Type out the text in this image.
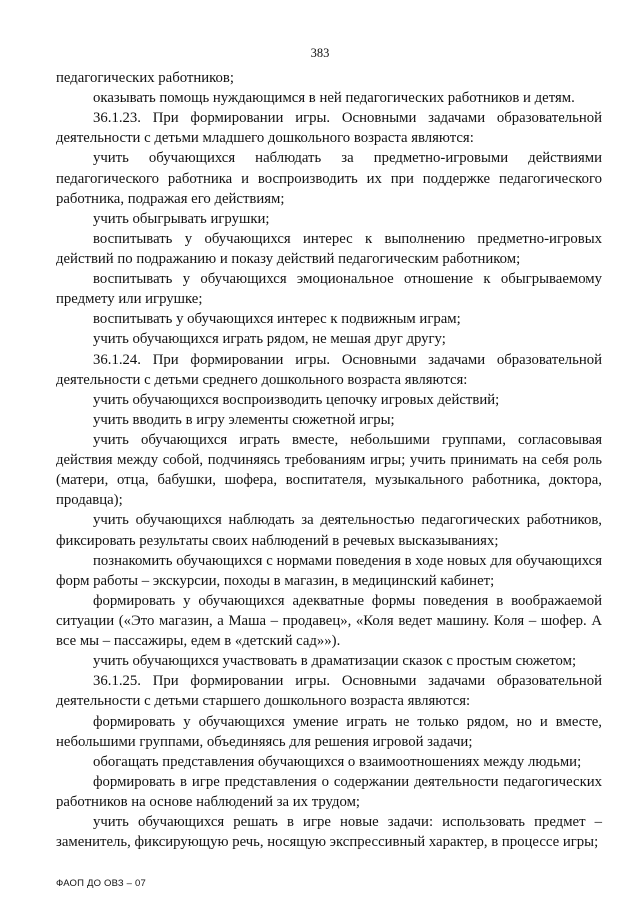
383

педагогических работников;

оказывать помощь нуждающимся в ней педагогических работников и детям.

36.1.23. При формировании игры. Основными задачами образовательной деятельности с детьми младшего дошкольного возраста являются:

учить обучающихся наблюдать за предметно-игровыми действиями педагогического работника и воспроизводить их при поддержке педагогического работника, подражая его действиям;

учить обыгрывать игрушки;

воспитывать у обучающихся интерес к выполнению предметно-игровых действий по подражанию и показу действий педагогическим работником;

воспитывать у обучающихся эмоциональное отношение к обыгрываемому предмету или игрушке;

воспитывать у обучающихся интерес к подвижным играм;

учить обучающихся играть рядом, не мешая друг другу;

36.1.24. При формировании игры. Основными задачами образовательной деятельности с детьми среднего дошкольного возраста являются:

учить обучающихся воспроизводить цепочку игровых действий;

учить вводить в игру элементы сюжетной игры;

учить обучающихся играть вместе, небольшими группами, согласовывая действия между собой, подчиняясь требованиям игры; учить принимать на себя роль (матери, отца, бабушки, шофера, воспитателя, музыкального работника, доктора, продавца);

учить обучающихся наблюдать за деятельностью педагогических работников, фиксировать результаты своих наблюдений в речевых высказываниях;

познакомить обучающихся с нормами поведения в ходе новых для обучающихся форм работы – экскурсии, походы в магазин, в медицинский кабинет;

формировать у обучающихся адекватные формы поведения в воображаемой ситуации («Это магазин, а Маша – продавец», «Коля ведет машину. Коля – шофер. А все мы – пассажиры, едем в «детский сад»»).

учить обучающихся участвовать в драматизации сказок с простым сюжетом;

36.1.25. При формировании игры. Основными задачами образовательной деятельности с детьми старшего дошкольного возраста являются:

формировать у обучающихся умение играть не только рядом, но и вместе, небольшими группами, объединяясь для решения игровой задачи;

обогащать представления обучающихся о взаимоотношениях между людьми;

формировать в игре представления о содержании деятельности педагогических работников на основе наблюдений за их трудом;

учить обучающихся решать в игре новые задачи: использовать предмет – заменитель, фиксирующую речь, носящую экспрессивный характер, в процессе игры;

ФАОП ДО ОВЗ – 07
